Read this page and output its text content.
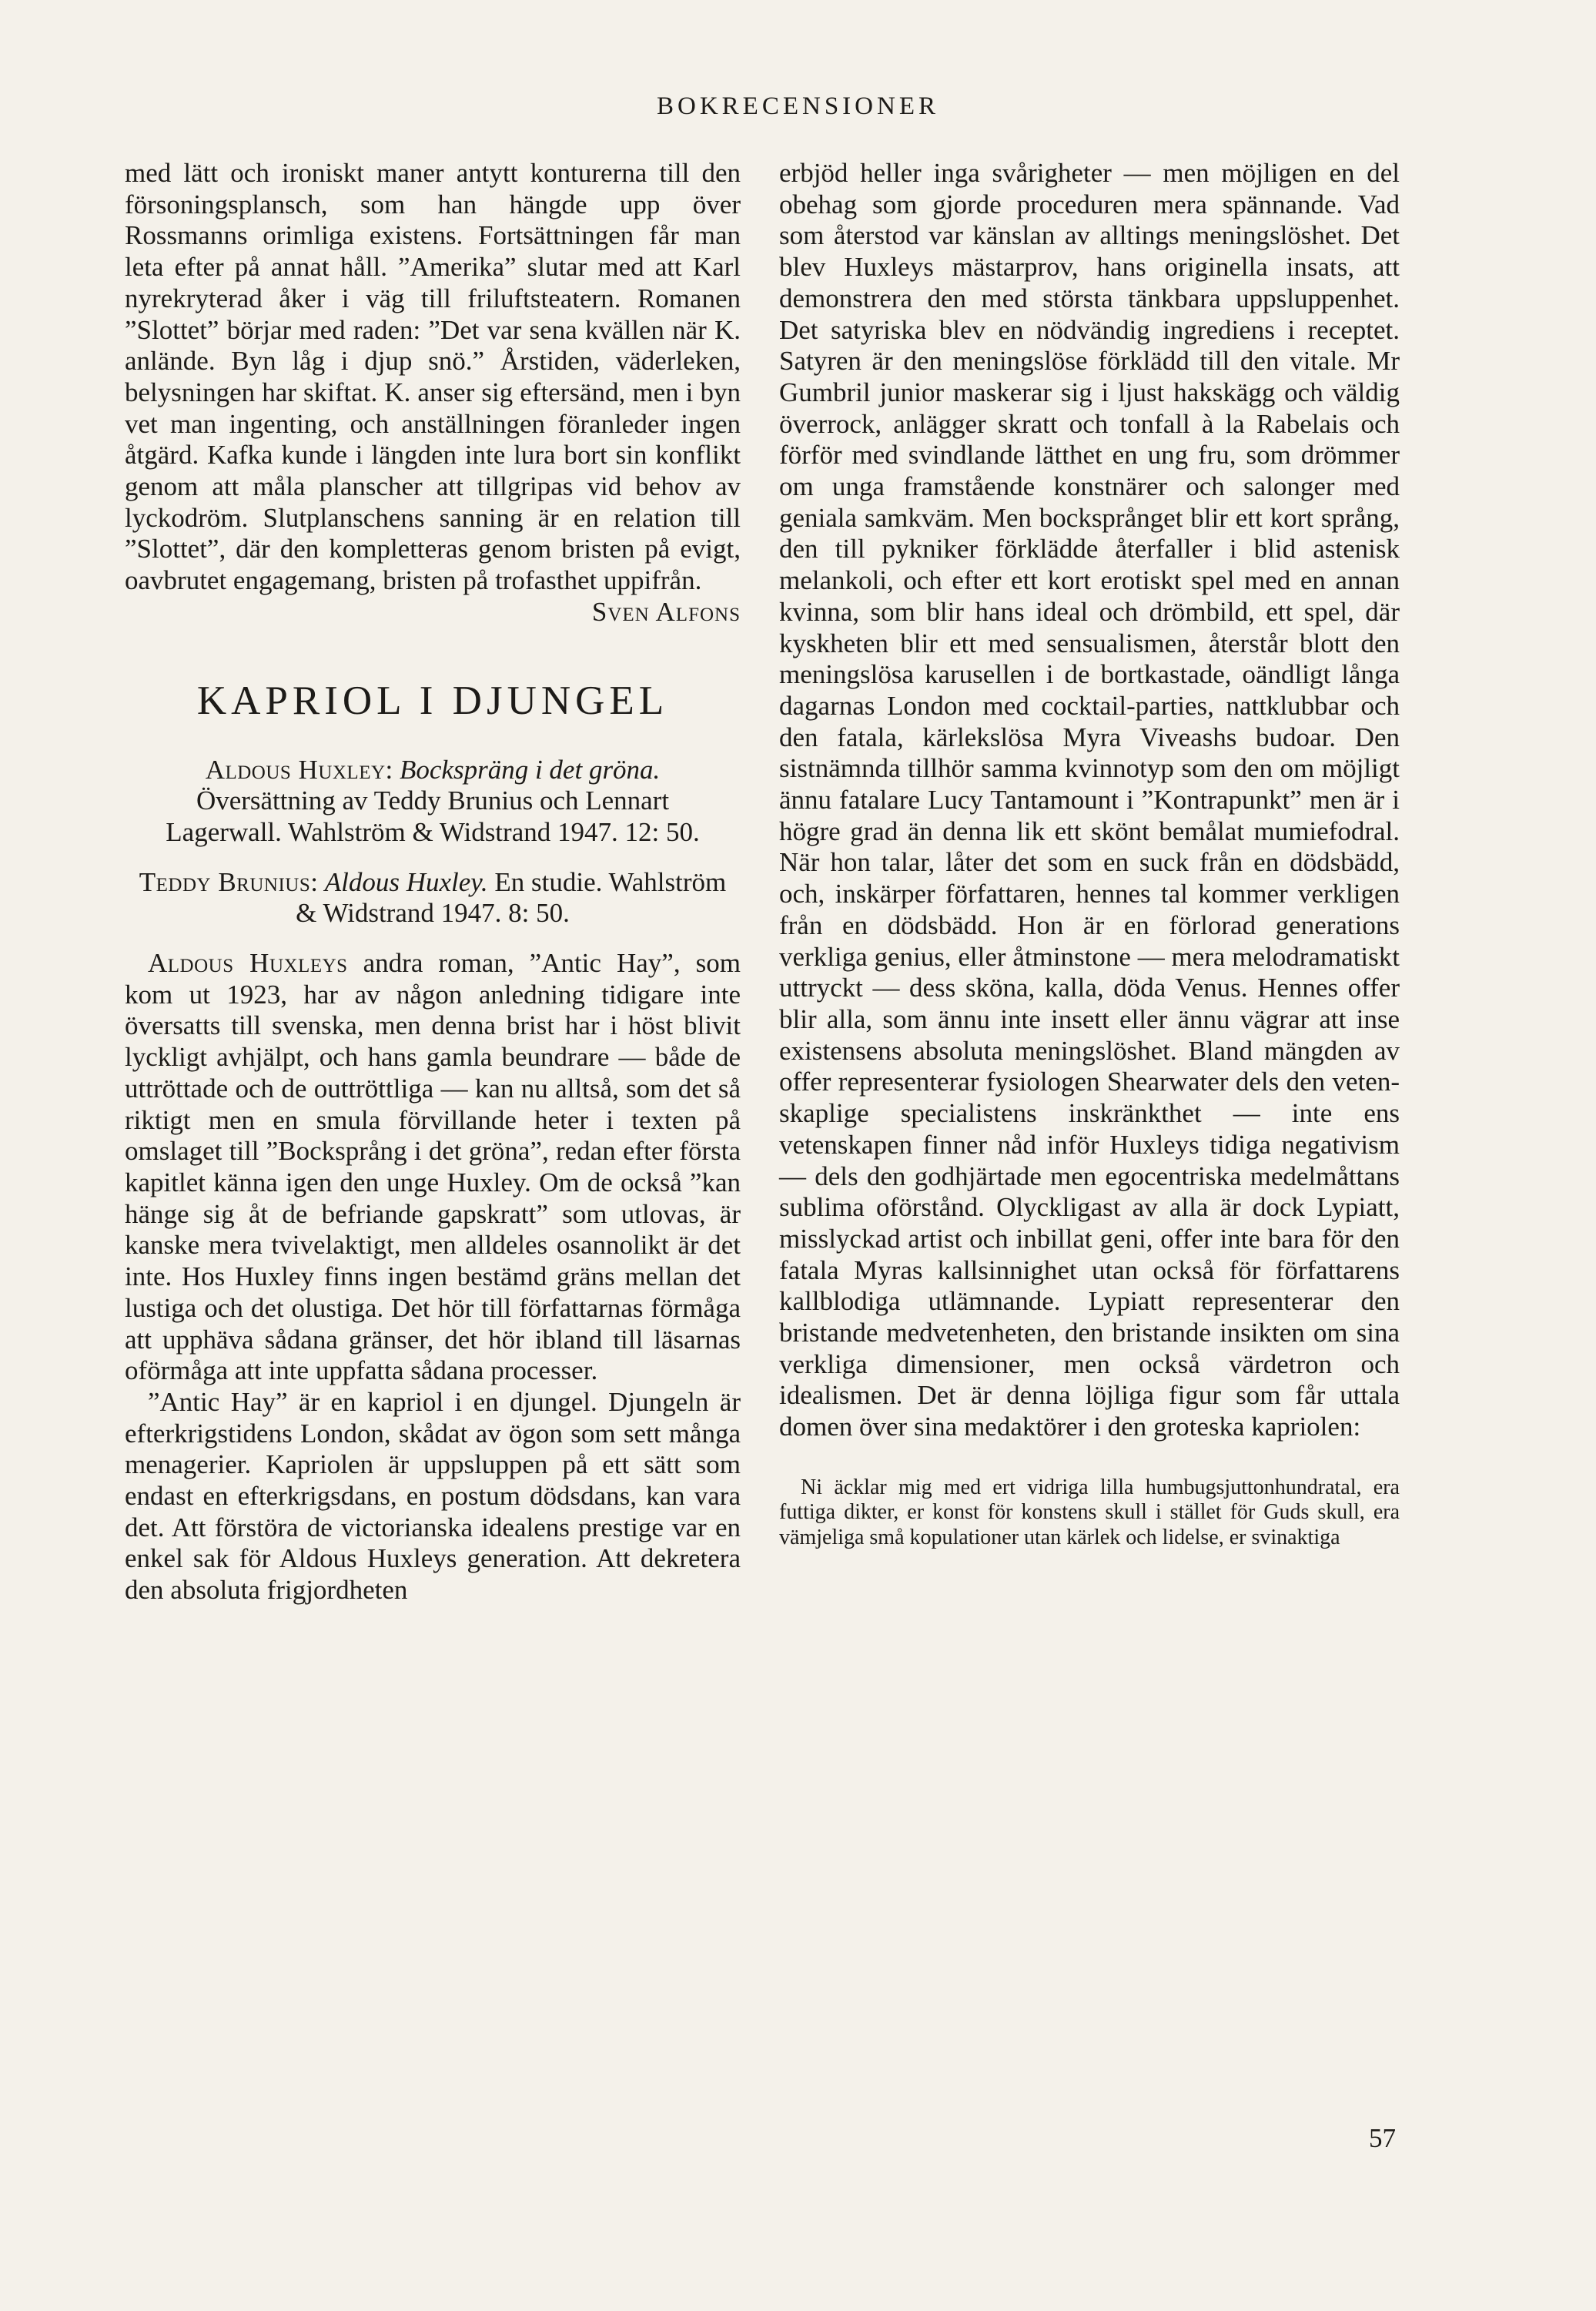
BOKRECENSIONER

med lätt och ironiskt maner antytt konturerna till den försoningsplansch, som han hängde upp över Rossmanns orimliga existens. Fortsättningen får man leta efter på annat håll. ”Amerika” slutar med att Karl nyrekryterad åker i väg till friluftsteatern. Romanen ”Slottet” börjar med raden: ”Det var sena kvällen när K. anlände. Byn låg i djup snö.” Årstiden, väderleken, belysningen har skiftat. K. anser sig eftersänd, men i byn vet man ingenting, och anställningen föranleder ingen åtgärd. Kafka kunde i längden inte lura bort sin konflikt genom att måla planscher att tillgripas vid behov av lyckodröm. Slutplanschens sanning är en relation till ”Slottet”, där den kompletteras genom bristen på evigt, oavbrutet engagemang, bristen på trofasthet uppifrån.

Sven Alfons

KAPRIOL I DJUNGEL

Aldous Huxley: Bockspräng i det gröna. Översättning av Teddy Brunius och Lennart Lagerwall. Wahlström & Widstrand 1947. 12: 50.

Teddy Brunius: Aldous Huxley. En studie. Wahlström & Widstrand 1947. 8: 50.

Aldous Huxleys andra roman, ”Antic Hay”, som kom ut 1923, har av någon anledning tidigare inte översatts till svenska, men denna brist har i höst blivit lyckligt avhjälpt, och hans gamla beundrare — både de uttröttade och de outtröttliga — kan nu alltså, som det så riktigt men en smula förvillande heter i texten på omslaget till ”Bocksprång i det gröna”, redan efter första kapitlet känna igen den unge Huxley. Om de också ”kan hänge sig åt de befriande gapskratt” som utlovas, är kanske mera tvivelaktigt, men alldeles osannolikt är det inte. Hos Huxley finns ingen bestämd gräns mellan det lustiga och det olustiga. Det hör till författarnas förmåga att upphäva sådana gränser, det hör ibland till läsarnas oförmåga att inte uppfatta sådana processer.

”Antic Hay” är en kapriol i en djungel. Djungeln är efterkrigstidens London, skådat av ögon som sett många menagerier. Kapriolen är uppsluppen på ett sätt som endast en efterkrigsdans, en postum dödsdans, kan vara det. Att förstöra de victorianska idealens prestige var en enkel sak för Aldous Huxleys generation. Att dekretera den absoluta frigjordheten

erbjöd heller inga svårigheter — men möjligen en del obehag som gjorde proceduren mera spännande. Vad som återstod var känslan av alltings meningslöshet. Det blev Huxleys mästarprov, hans originella insats, att demonstrera den med största tänkbara uppsluppenhet. Det satyriska blev en nödvändig ingrediens i receptet. Satyren är den meningslöse förklädd till den vitale. Mr Gumbril junior maskerar sig i ljust hakskägg och väldig överrock, anlägger skratt och tonfall à la Rabelais och förför med svindlande lätthet en ung fru, som drömmer om unga framstående konstnärer och salonger med geniala samkväm. Men bocksprånget blir ett kort språng, den till pykniker förklädde återfaller i blid astenisk melankoli, och efter ett kort erotiskt spel med en annan kvinna, som blir hans ideal och drömbild, ett spel, där kyskheten blir ett med sensualismen, återstår blott den meningslösa karusellen i de bortkastade, oändligt långa dagarnas London med cocktail-parties, nattklubbar och den fatala, kärlekslösa Myra Viveashs budoar. Den sistnämnda tillhör samma kvinnotyp som den om möjligt ännu fatalare Lucy Tantamount i ”Kontrapunkt” men är i högre grad än denna lik ett skönt bemålat mumiefodral. När hon talar, låter det som en suck från en dödsbädd, och, inskärper författaren, hennes tal kommer verkligen från en dödsbädd. Hon är en förlorad generations verkliga genius, eller åtminstone — mera melodramatiskt uttryckt — dess sköna, kalla, döda Venus. Hennes offer blir alla, som ännu inte insett eller ännu vägrar att inse existensens absoluta meningslöshet. Bland mängden av offer representerar fysiologen Shearwater dels den vetenskaplige specialistens inskränkthet — inte ens vetenskapen finner nåd inför Huxleys tidiga negativism — dels den godhjärtade men egocentriska medelmåttans sublima oförstånd. Olyckligast av alla är dock Lypiatt, misslyckad artist och inbillat geni, offer inte bara för den fatala Myras kallsinnighet utan också för författarens kallblodiga utlämnande. Lypiatt representerar den bristande medvetenheten, den bristande insikten om sina verkliga dimensioner, men också värdetron och idealismen. Det är denna löjliga figur som får uttala domen över sina medaktörer i den groteska kapriolen:

Ni äcklar mig med ert vidriga lilla humbugsjuttonhundratal, era futtiga dikter, er konst för konstens skull i stället för Guds skull, era vämjeliga små kopulationer utan kärlek och lidelse, er svinaktiga

57
